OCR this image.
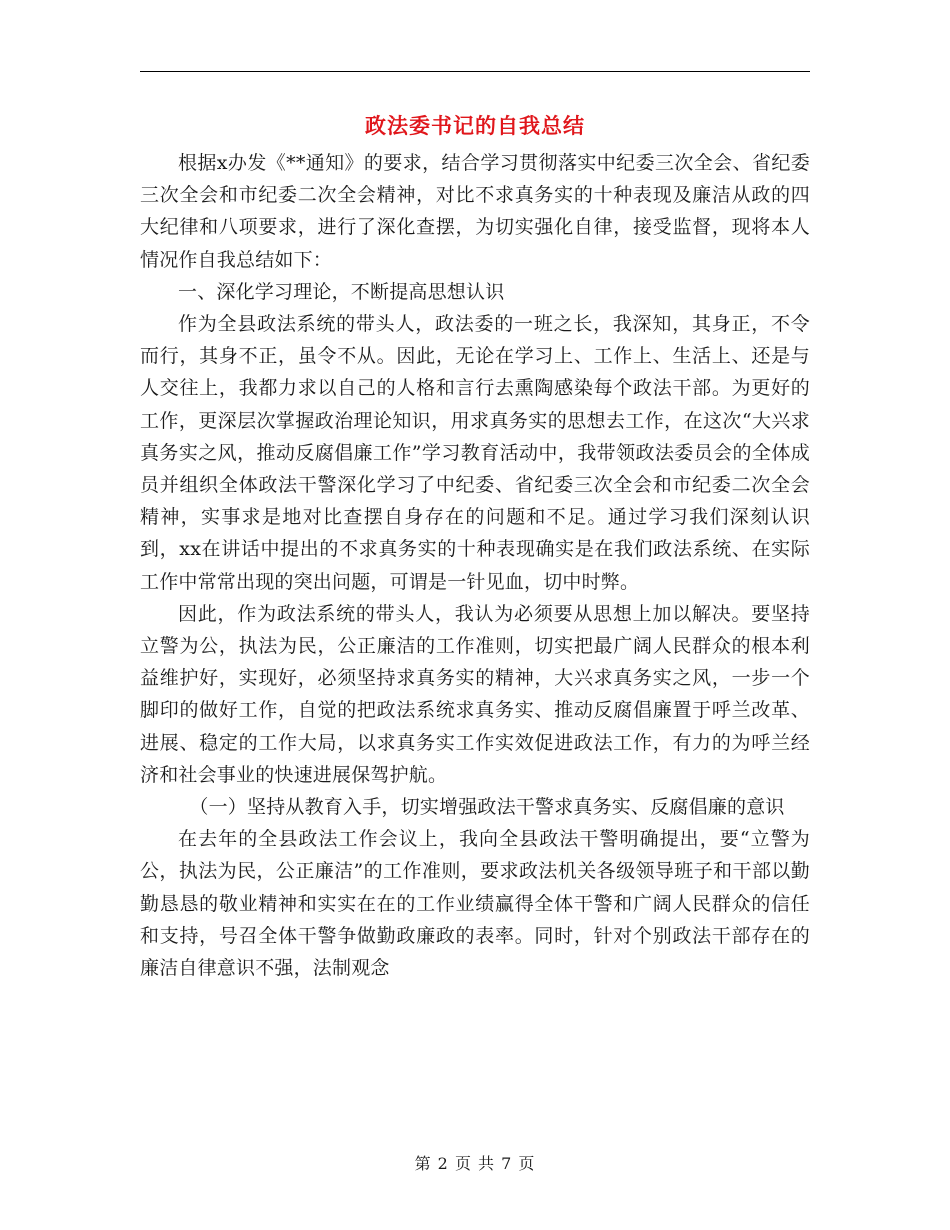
政法委书记的自我总结

根据x办发《**通知》的要求，结合学习贯彻落实中纪委三次全会、省纪委三次全会和市纪委二次全会精神，对比不求真务实的十种表现及廉洁从政的四大纪律和八项要求，进行了深化查摆，为切实强化自律，接受监督，现将本人情况作自我总结如下：

一、深化学习理论，不断提高思想认识

作为全县政法系统的带头人，政法委的一班之长，我深知，其身正，不令而行，其身不正，虽令不从。因此，无论在学习上、工作上、生活上、还是与人交往上，我都力求以自己的人格和言行去熏陶感染每个政法干部。为更好的工作，更深层次掌握政治理论知识，用求真务实的思想去工作，在这次“大兴求真务实之风，推动反腐倡廉工作”学习教育活动中，我带领政法委员会的全体成员并组织全体政法干警深化学习了中纪委、省纪委三次全会和市纪委二次全会精神，实事求是地对比查摆自身存在的问题和不足。通过学习我们深刻认识到，xx在讲话中提出的不求真务实的十种表现确实是在我们政法系统、在实际工作中常常出现的突出问题，可谓是一针见血，切中时弊。

因此，作为政法系统的带头人，我认为必须要从思想上加以解决。要坚持立警为公，执法为民，公正廉洁的工作准则，切实把最广阔人民群众的根本利益维护好，实现好，必须坚持求真务实的精神，大兴求真务实之风，一步一个脚印的做好工作，自觉的把政法系统求真务实、推动反腐倡廉置于呼兰改革、进展、稳定的工作大局，以求真务实工作实效促进政法工作，有力的为呼兰经济和社会事业的快速进展保驾护航。

（一）坚持从教育入手，切实增强政法干警求真务实、反腐倡廉的意识

在去年的全县政法工作会议上，我向全县政法干警明确提出，要“立警为公，执法为民，公正廉洁”的工作准则，要求政法机关各级领导班子和干部以勤勤恳恳的敬业精神和实实在在的工作业绩赢得全体干警和广阔人民群众的信任和支持，号召全体干警争做勤政廉政的表率。同时，针对个别政法干部存在的廉洁自律意识不强，法制观念

第 2 页 共 7 页
